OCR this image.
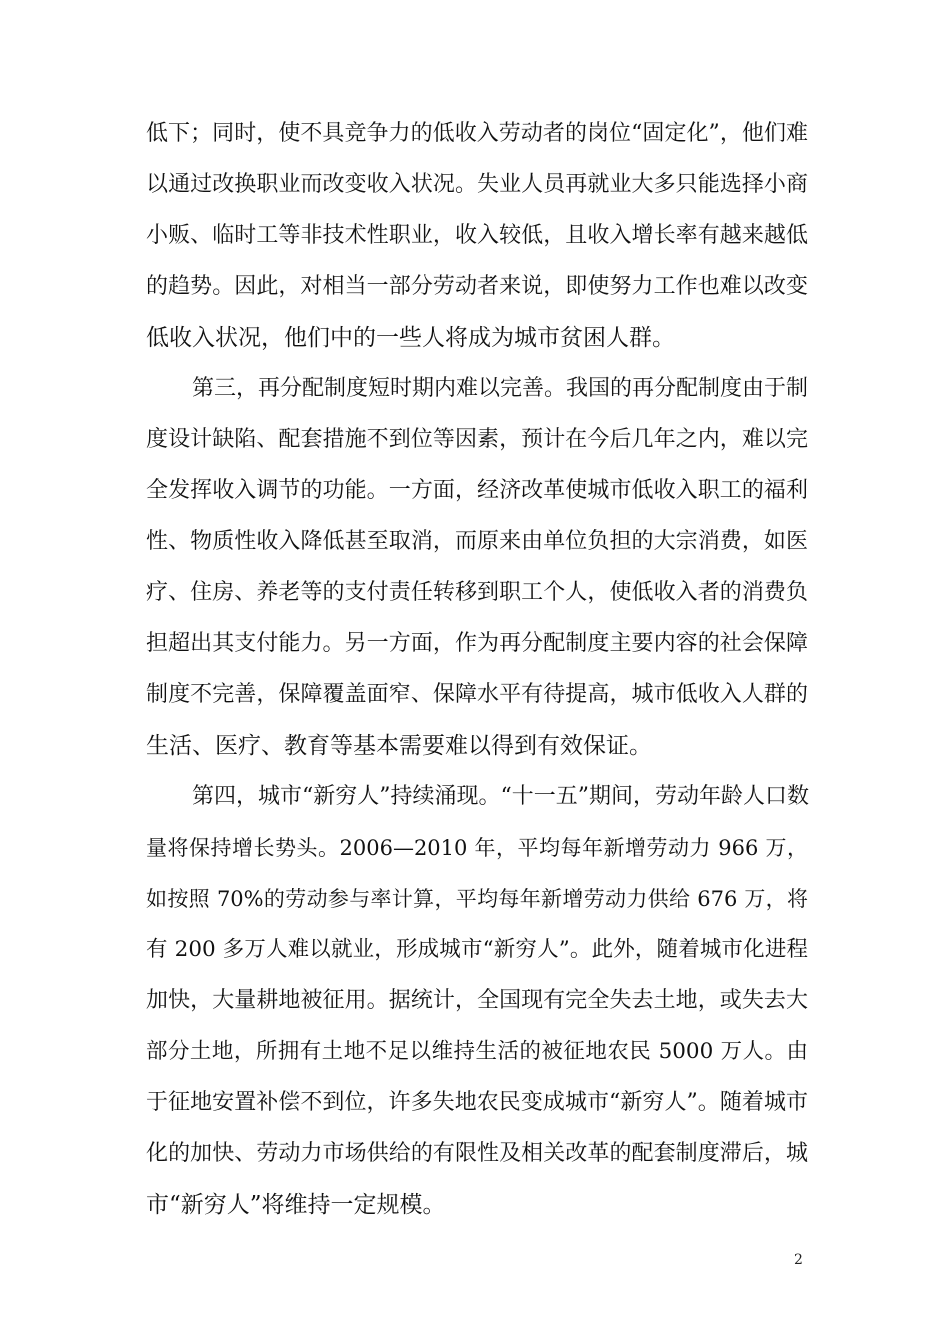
低下；同时，使不具竞争力的低收入劳动者的岗位“固定化”，他们难
以通过改换职业而改变收入状况。失业人员再就业大多只能选择小商
小贩、临时工等非技术性职业，收入较低，且收入增长率有越来越低
的趋势。因此，对相当一部分劳动者来说，即使努力工作也难以改变
低收入状况，他们中的一些人将成为城市贫困人群。
第三，再分配制度短时期内难以完善。我国的再分配制度由于制
度设计缺陷、配套措施不到位等因素，预计在今后几年之内，难以完
全发挥收入调节的功能。一方面，经济改革使城市低收入职工的福利
性、物质性收入降低甚至取消，而原来由单位负担的大宗消费，如医
疗、住房、养老等的支付责任转移到职工个人，使低收入者的消费负
担超出其支付能力。另一方面，作为再分配制度主要内容的社会保障
制度不完善，保障覆盖面窄、保障水平有待提高，城市低收入人群的
生活、医疗、教育等基本需要难以得到有效保证。
第四，城市“新穷人”持续涌现。“十一五”期间，劳动年龄人口数
量将保持增长势头。2006—2010 年，平均每年新增劳动力 966 万，
如按照 70%的劳动参与率计算，平均每年新增劳动力供给 676 万，将
有 200 多万人难以就业，形成城市“新穷人”。此外，随着城市化进程
加快，大量耕地被征用。据统计，全国现有完全失去土地，或失去大
部分土地，所拥有土地不足以维持生活的被征地农民 5000 万人。由
于征地安置补偿不到位，许多失地农民变成城市“新穷人”。随着城市
化的加快、劳动力市场供给的有限性及相关改革的配套制度滞后，城
市“新穷人”将维持一定规模。
2
